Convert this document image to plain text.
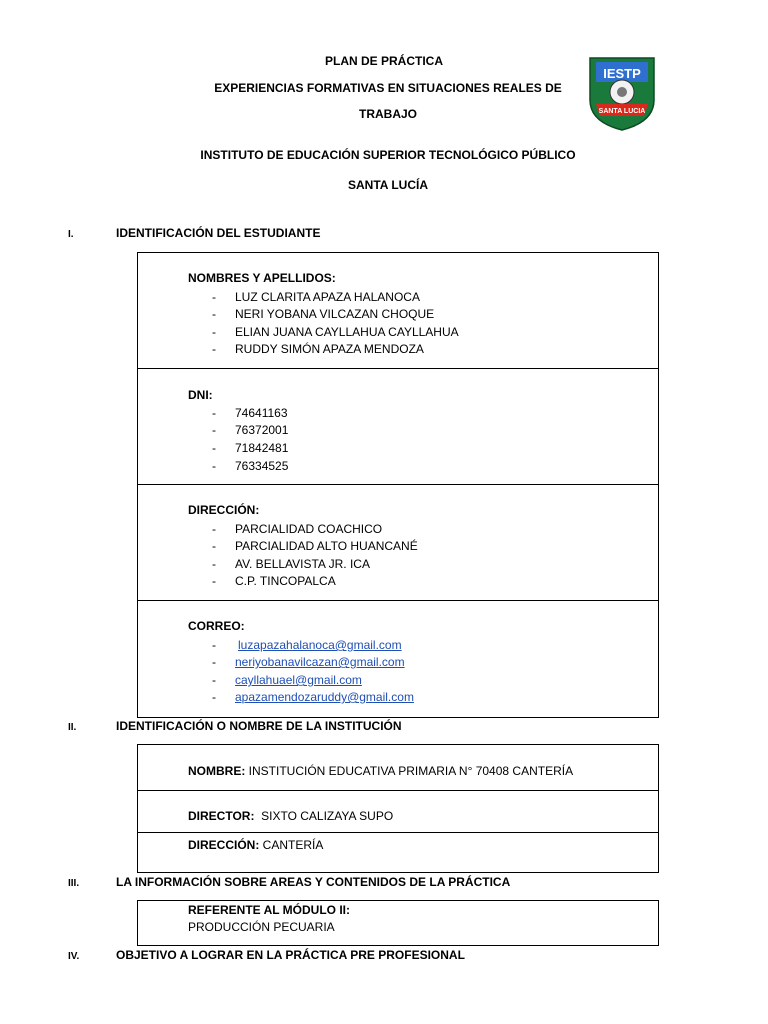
PLAN DE PRÁCTICA
EXPERIENCIAS FORMATIVAS EN SITUACIONES REALES DE
TRABAJO
INSTITUTO DE EDUCACIÓN SUPERIOR TECNOLÓGICO PÚBLICO
SANTA LUCÍA
IESTP
SANTA LUCIA
I.	IDENTIFICACIÓN DEL ESTUDIANTE
NOMBRES Y APELLIDOS:
- LUZ CLARITA APAZA HALANOCA
- NERI YOBANA VILCAZAN CHOQUE
- ELIAN JUANA CAYLLAHUA CAYLLAHUA
- RUDDY SIMÓN APAZA MENDOZA
DNI:
- 74641163
- 76372001
- 71842481
- 76334525
DIRECCIÓN:
- PARCIALIDAD COACHICO
- PARCIALIDAD ALTO HUANCANÉ
- AV. BELLAVISTA JR. ICA
- C.P. TINCOPALCA
CORREO:
- luzapazahalanoca@gmail.com
- neriyobanavilcazan@gmail.com
- cayllahuael@gmail.com
- apazamendozaruddy@gmail.com
II.	IDENTIFICACIÓN O NOMBRE DE LA INSTITUCIÓN
NOMBRE: INSTITUCIÓN EDUCATIVA PRIMARIA N° 70408 CANTERÍA
DIRECTOR:  SIXTO CALIZAYA SUPO
DIRECCIÓN: CANTERÍA
III.	LA INFORMACIÓN SOBRE AREAS Y CONTENIDOS DE LA PRÁCTICA
REFERENTE AL MÓDULO II:
PRODUCCIÓN PECUARIA
IV.	OBJETIVO A LOGRAR EN LA PRÁCTICA PRE PROFESIONAL
